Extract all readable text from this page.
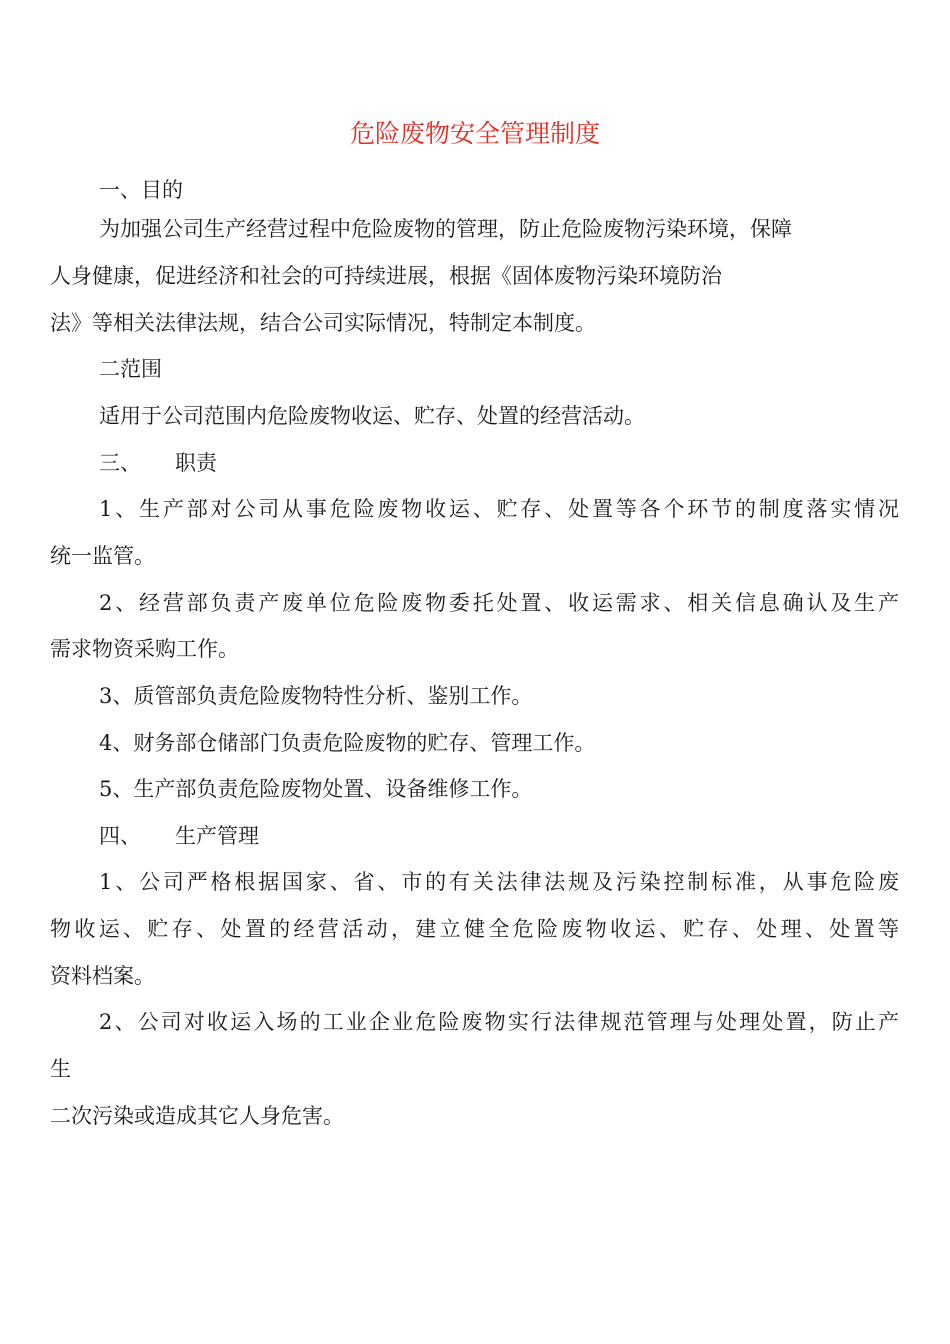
危险废物安全管理制度
一、目的
为加强公司生产经营过程中危险废物的管理，防止危险废物污染环境，保障
人身健康，促进经济和社会的可持续进展，根据《固体废物污染环境防治
法》等相关法律法规，结合公司实际情况，特制定本制度。
二范围
适用于公司范围内危险废物收运、贮存、处置的经营活动。
三、 职责
1、生产部对公司从事危险废物收运、贮存、处置等各个环节的制度落实情况
统一监管。
2、经营部负责产废单位危险废物委托处置、收运需求、相关信息确认及生产
需求物资采购工作。
3、质管部负责危险废物特性分析、鉴别工作。
4、财务部仓储部门负责危险废物的贮存、管理工作。
5、生产部负责危险废物处置、设备维修工作。
四、 生产管理
1、公司严格根据国家、省、市的有关法律法规及污染控制标准，从事危险废
物收运、贮存、处置的经营活动，建立健全危险废物收运、贮存、处理、处置等
资料档案。
2、公司对收运入场的工业企业危险废物实行法律规范管理与处理处置，防止产
生
二次污染或造成其它人身危害。
